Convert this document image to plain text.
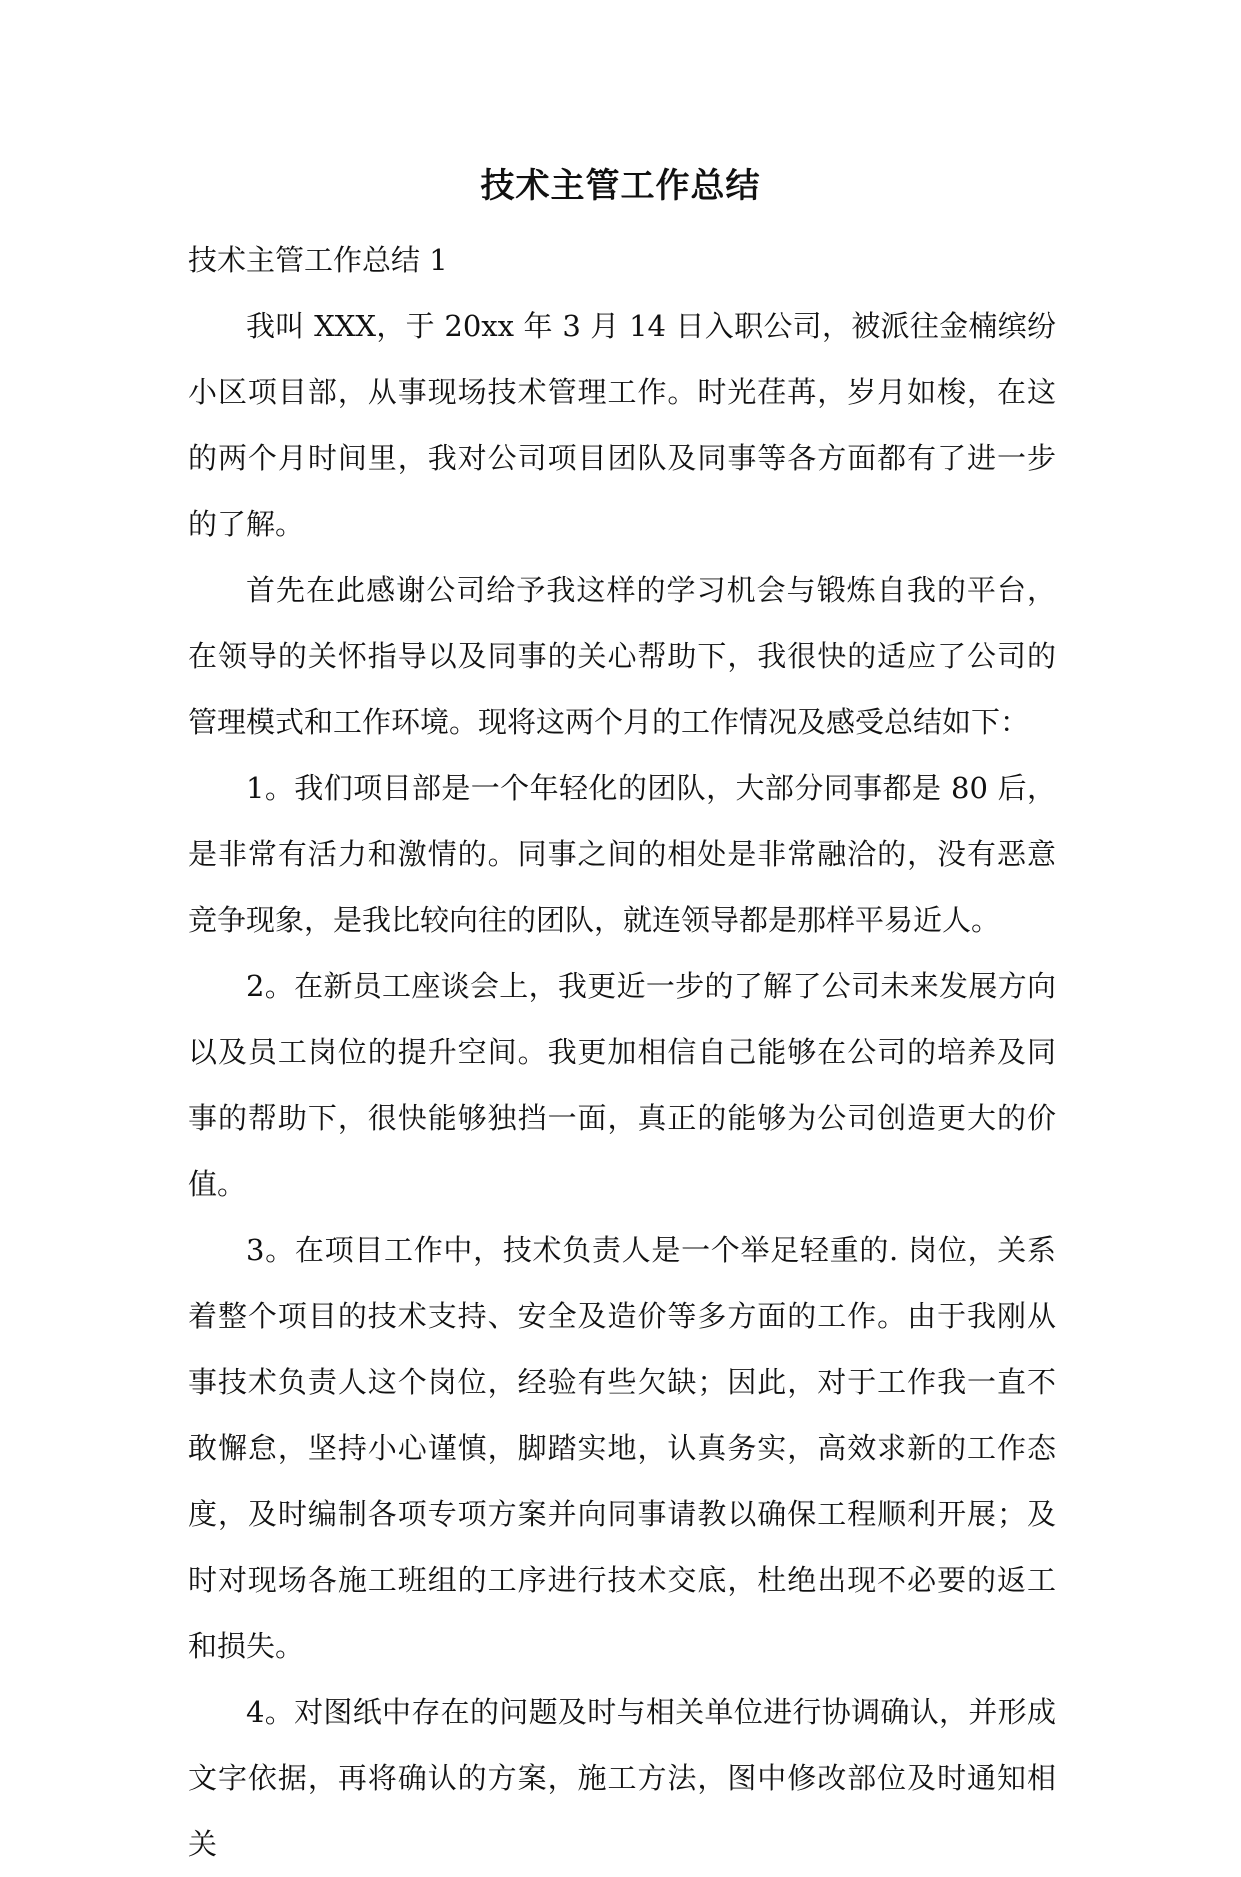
技术主管工作总结

技术主管工作总结 1

我叫 XXX，于 20xx 年 3 月 14 日入职公司，被派往金楠缤纷小区项目部，从事现场技术管理工作。时光荏苒，岁月如梭，在这的两个月时间里，我对公司项目团队及同事等各方面都有了进一步的了解。

首先在此感谢公司给予我这样的学习机会与锻炼自我的平台，在领导的关怀指导以及同事的关心帮助下，我很快的适应了公司的管理模式和工作环境。现将这两个月的工作情况及感受总结如下：

1。我们项目部是一个年轻化的团队，大部分同事都是 80 后，是非常有活力和激情的。同事之间的相处是非常融洽的，没有恶意竞争现象，是我比较向往的团队，就连领导都是那样平易近人。

2。在新员工座谈会上，我更近一步的了解了公司未来发展方向以及员工岗位的提升空间。我更加相信自己能够在公司的培养及同事的帮助下，很快能够独挡一面，真正的能够为公司创造更大的价值。

3。在项目工作中，技术负责人是一个举足轻重的. 岗位，关系着整个项目的技术支持、安全及造价等多方面的工作。由于我刚从事技术负责人这个岗位，经验有些欠缺；因此，对于工作我一直不敢懈怠，坚持小心谨慎，脚踏实地，认真务实，高效求新的工作态度，及时编制各项专项方案并向同事请教以确保工程顺利开展；及时对现场各施工班组的工序进行技术交底，杜绝出现不必要的返工和损失。

4。对图纸中存在的问题及时与相关单位进行协调确认，并形成文字依据，再将确认的方案，施工方法，图中修改部位及时通知相关
